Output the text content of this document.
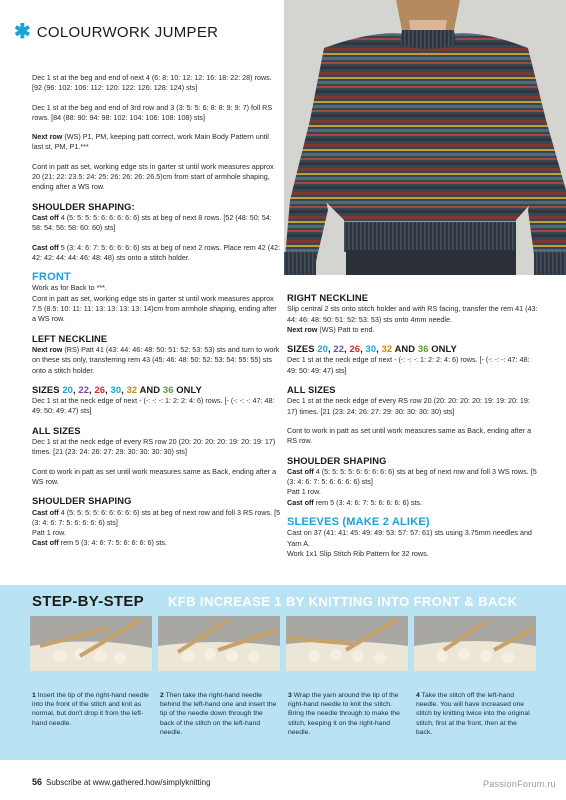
✱ COLOURWORK JUMPER

Dec 1 st at the beg and end of next 4 (6: 8: 10: 12: 12: 16: 18: 22: 28) rows. [92 (96: 102: 106: 112: 120: 122: 126: 128: 124) sts]

Dec 1 st at the beg and end of 3rd row and 3 (3: 5: 5: 6: 8: 8: 9: 9: 7) foll RS rows. [84 (88: 90: 94: 98: 102: 104: 106: 108: 108) sts]

Next row (WS) P1, PM, keeping patt correct, work Main Body Pattern until last st, PM, P1.***

Cont in patt as set, working edge sts in garter st until work measures approx 20 (21: 22: 23.5: 24: 25: 26: 26: 26: 26.5)cm from start of armhole shaping, ending after a WS row.

SHOULDER SHAPING:

Cast off 4 (5: 5: 5: 5: 6: 6: 6: 6: 6) sts at beg of next 8 rows. [52 (48: 50: 54: 58: 54: 56: 58: 60: 60) sts]

Cast off 5 (3: 4: 6: 7: 5: 6: 6: 6: 6) sts at beg of next 2 rows. Place rem 42 (42: 42: 42: 44: 44: 46: 48: 48) sts onto a stitch holder.

FRONT
Work as for Back to ***.

Cont in patt as set, working edge sts in garter st until work measures approx 7.5 (8.5: 10: 11: 11: 13: 13: 13: 13: 14)cm from armhole shaping, ending after a WS row.

LEFT NECKLINE

Next row (RS) Patt 41 (43: 44: 46: 48: 50: 51: 52: 53: 53) sts and turn to work on these sts only, transferring rem 43 (45: 46: 48: 50: 52: 53: 54: 55: 55) sts onto a stitch holder.

SIZES 20, 22, 26, 30, 32 AND 36 ONLY

Dec 1 st at the neck edge of next - (-: -: -: 1: 2: 2: 4: 6) rows. [- (-: -: -: 47: 48: 49: 50: 49: 47) sts]

ALL SIZES

Dec 1 st at the neck edge of every RS row 20 (20: 20: 20: 20: 19: 20: 19: 17) times. [21 (23: 24: 26: 27: 29: 30: 30: 30: 30) sts]

Cont to work in patt as set until work measures same as Back, ending after a WS row.

SHOULDER SHAPING
Cast off 4 (5: 5: 5: 5: 6: 6: 6: 6: 6) sts at beg of next row and foll 3 RS rows. [5 (3: 4: 6: 7: 5: 6: 6: 6: 6) sts]
Patt 1 row.
Cast off rem 5 (3: 4: 6: 7: 5: 6: 6: 6: 6) sts.
RIGHT NECKLINE
Slip central 2 sts onto stitch holder and with RS facing, transfer the rem 41 (43: 44: 46: 48: 50: 51: 52: 53: 53) sts onto 4mm needle.

Next row (WS) Patt to end.

SIZES 20, 22, 26, 30, 32 AND 36 ONLY

Dec 1 st at the neck edge of next - (-: -: -: 1: 2: 2: 4: 6) rows. [- (-: -: -: 47: 48: 49: 50: 49: 47) sts]

ALL SIZES

Dec 1 st at the neck edge of every RS row 20 (20: 20: 20: 20: 19: 19: 20: 19: 17) times. [21 (23: 24: 26: 27: 29: 30: 30: 30: 30) sts]

Cont to work in patt as set until work measures same as Back, ending after a RS row.

SHOULDER SHAPING
Cast off 4 (5: 5: 5: 5: 6: 6: 6: 6: 6) sts at beg of next row and foll 3 WS rows. [5 (3: 4: 6: 7: 5: 6: 6: 6: 6) sts]
Patt 1 row.

Cast off rem 5 (3: 4: 6: 7: 5: 6: 6: 6: 6) sts.

SLEEVES (MAKE 2 ALIKE)
Cast on 37 (41: 41: 45: 49: 49: 53: 57: 57: 61) sts using 3.75mm needles and Yarn A.
Work 1x1 Slip Stitch Rib Pattern for 32 rows.
STEP-BY-STEP KFB INCREASE 1 BY KNITTING INTO FRONT & BACK
1 Insert the tip of the right-hand needle into the front of the stitch and knit as normal, but don't drop it from the left-hand needle.
2 Then take the right-hand needle behind the left-hand one and insert the tip of the needle down through the back of the stitch on the left-hand needle.
3 Wrap the yarn around the tip of the right-hand needle to knit the stitch. Bring the needle through to make the stitch, keeping it on the right-hand needle.
4 Take the stitch off the left-hand needle. You will have increased one stitch by knitting twice into the original stitch, first at the front, then at the back.
56 Subscribe at www.gathered.how/simplyknitting	PassionForum.ru
